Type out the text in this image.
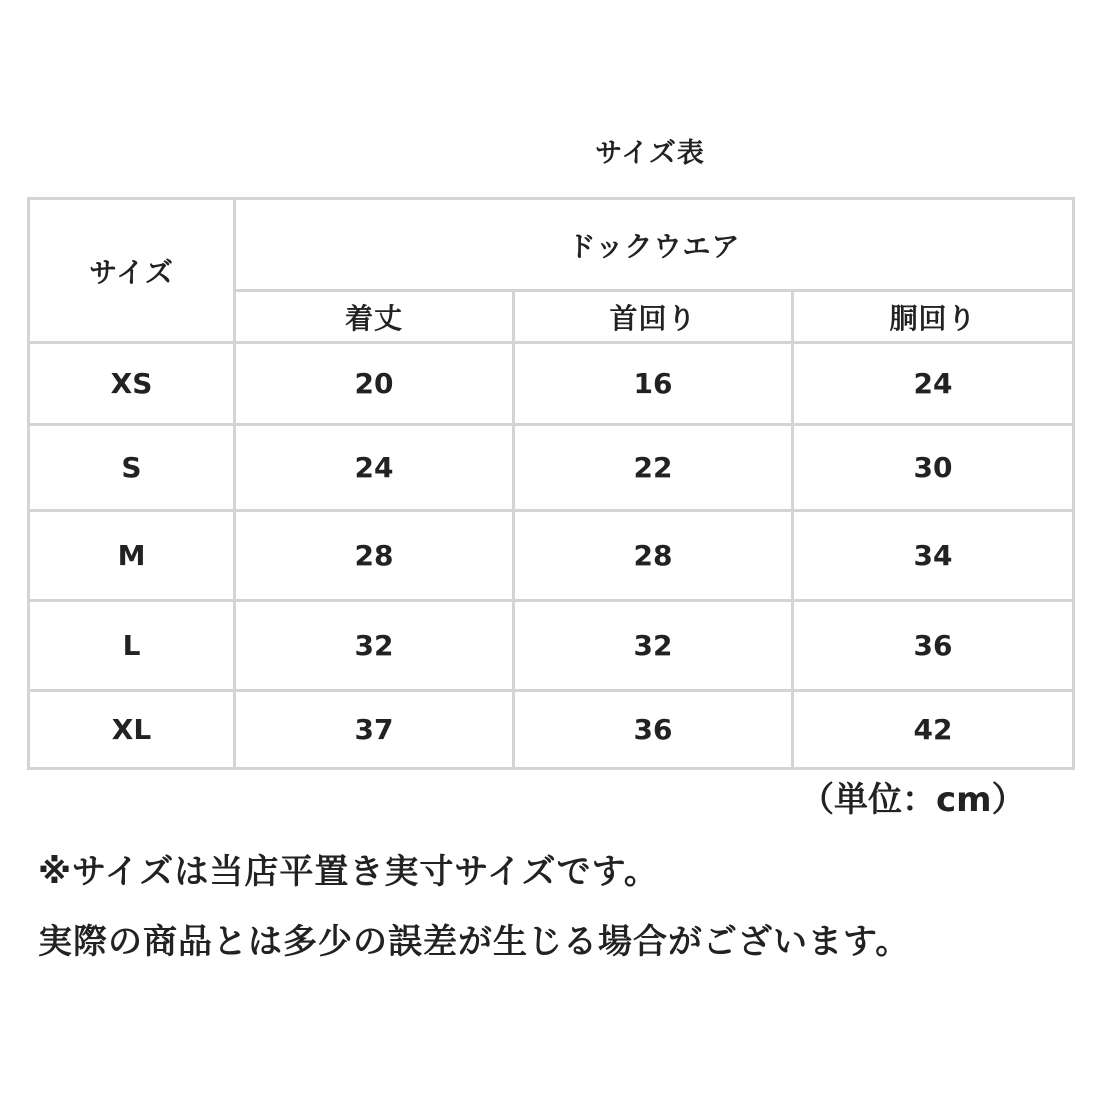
サイズ表
サイズ	ドックウエア		
	着丈	首回り	胴回り
XS	20	16	24
S	24	22	30
M	28	28	34
L	32	32	36
XL	37	36	42
（単位：cm）
※サイズは当店平置き実寸サイズです。
実際の商品とは多少の誤差が生じる場合がございます。
